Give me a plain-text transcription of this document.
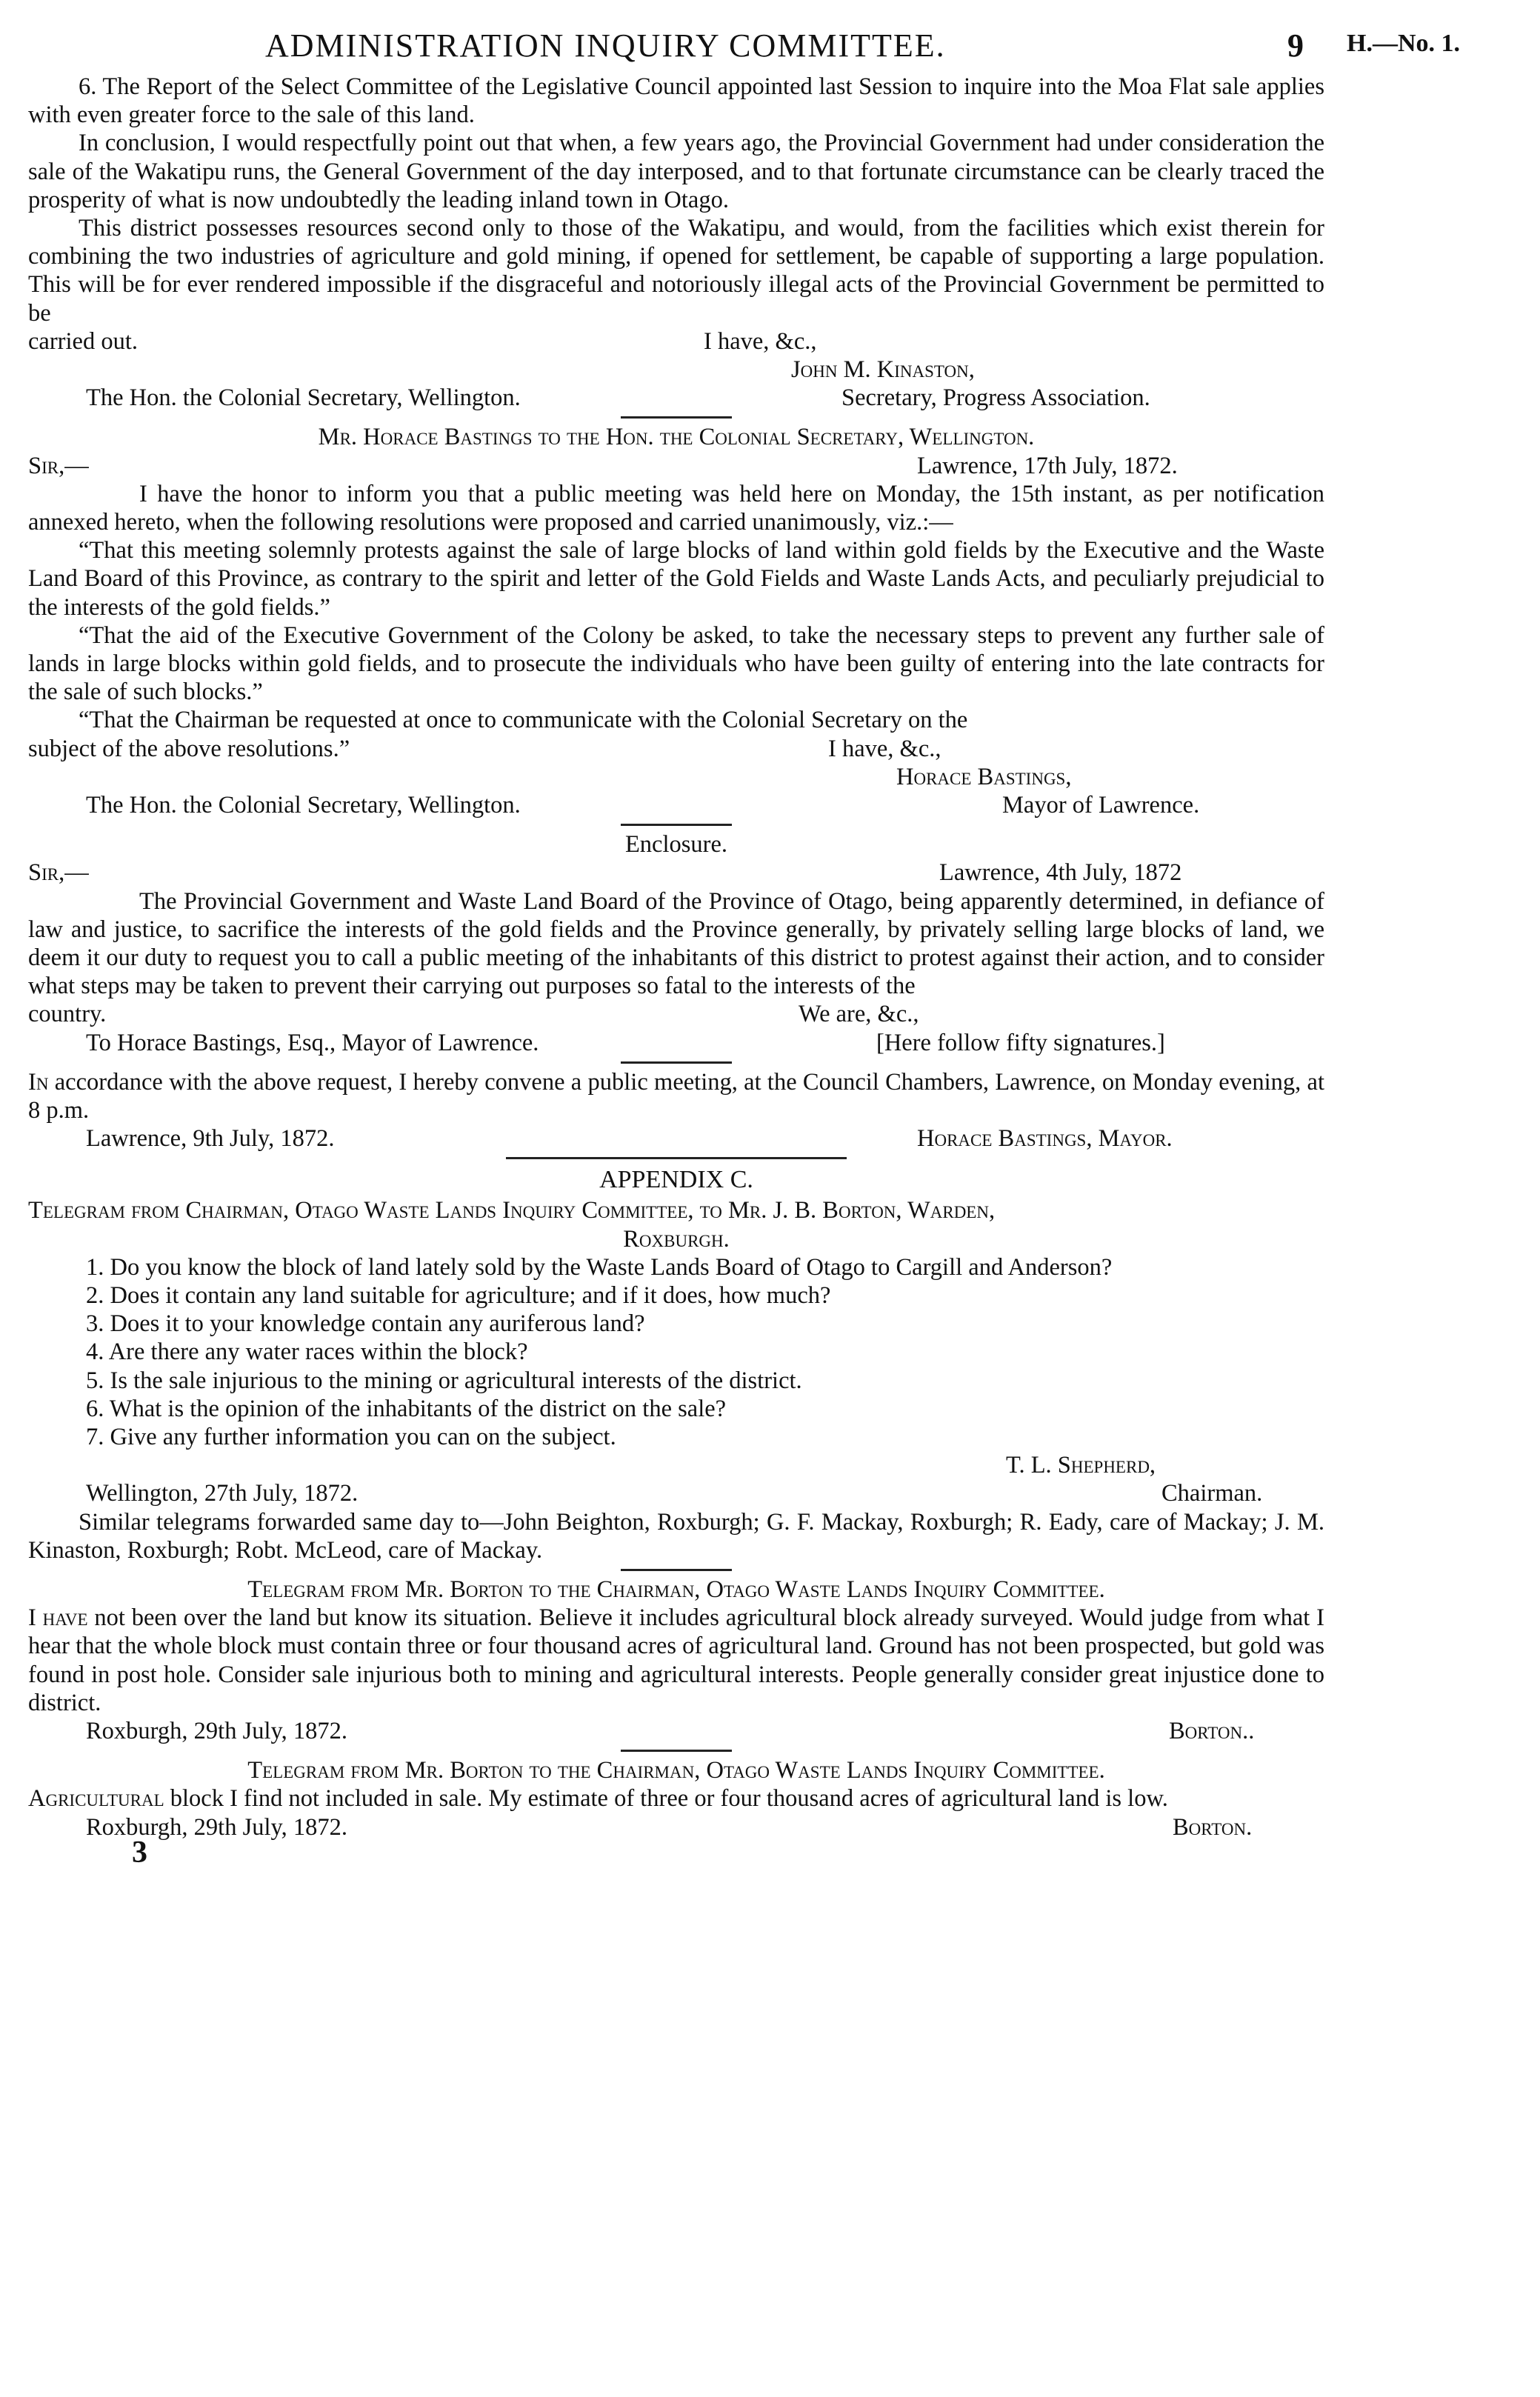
ADMINISTRATION INQUIRY COMMITTEE.	9 H.—No. 1.

6. The Report of the Select Committee of the Legislative Council appointed last Session to inquire into the Moa Flat sale applies with even greater force to the sale of this land.

In conclusion, I would respectfully point out that when, a few years ago, the Provincial Government had under consideration the sale of the Wakatipu runs, the General Government of the day interposed, and to that fortunate circumstance can be clearly traced the prosperity of what is now undoubtedly the leading inland town in Otago.

This district possesses resources second only to those of the Wakatipu, and would, from the facilities which exist therein for combining the two industries of agriculture and gold mining, if opened for settlement, be capable of supporting a large population. This will be for ever rendered impossible if the disgraceful and notoriously illegal acts of the Provincial Government be permitted to be

carried out.	I have, &c.,
John M. Kinaston,
The Hon. the Colonial Secretary, Wellington.	Secretary, Progress Association.
Mr. Horace Bastings to the Hon. the Colonial Secretary, Wellington.
Sir,—	Lawrence, 17th July, 1872.

I have the honor to inform you that a public meeting was held here on Monday, the 15th instant, as per notification annexed hereto, when the following resolutions were proposed and carried unanimously, viz.:—

“That this meeting solemnly protests against the sale of large blocks of land within gold fields by the Executive and the Waste Land Board of this Province, as contrary to the spirit and letter of the Gold Fields and Waste Lands Acts, and peculiarly prejudicial to the interests of the gold fields.”

“That the aid of the Executive Government of the Colony be asked, to take the necessary steps to prevent any further sale of lands in large blocks within gold fields, and to prosecute the individuals who have been guilty of entering into the late contracts for the sale of such blocks.”

“That the Chairman be requested at once to communicate with the Colonial Secretary on the

subject of the above resolutions.”	I have, &c.,
Horace Bastings,
The Hon. the Colonial Secretary, Wellington.	Mayor of Lawrence.
Enclosure.
Sir,—	Lawrence, 4th July, 1872

The Provincial Government and Waste Land Board of the Province of Otago, being apparently determined, in defiance of law and justice, to sacrifice the interests of the gold fields and the Province generally, by privately selling large blocks of land, we deem it our duty to request you to call a public meeting of the inhabitants of this district to protest against their action, and to consider what steps may be taken to prevent their carrying out purposes so fatal to the interests of the

country.	We are, &c.,
To Horace Bastings, Esq., Mayor of Lawrence.	[Here follow fifty signatures.]

In accordance with the above request, I hereby convene a public meeting, at the Council Chambers, Lawrence, on Monday evening, at 8 p.m.

Lawrence, 9th July, 1872.	Horace Bastings, Mayor.
APPENDIX C.

Telegram from Chairman, Otago Waste Lands Inquiry Committee, to Mr. J. B. Borton, Warden,

Roxburgh.

1. Do you know the block of land lately sold by the Waste Lands Board of Otago to Cargill and Anderson?

2. Does it contain any land suitable for agriculture; and if it does, how much?

3. Does it to your knowledge contain any auriferous land?

4. Are there any water races within the block?

5. Is the sale injurious to the mining or agricultural interests of the district.

6. What is the opinion of the inhabitants of the district on the sale?

7. Give any further information you can on the subject.

T. L. Shepherd,
Wellington, 27th July, 1872.	Chairman.

Similar telegrams forwarded same day to—John Beighton, Roxburgh; G. F. Mackay, Roxburgh; R. Eady, care of Mackay; J. M. Kinaston, Roxburgh; Robt. McLeod, care of Mackay.

Telegram from Mr. Borton to the Chairman, Otago Waste Lands Inquiry Committee.

I have not been over the land but know its situation. Believe it includes agricultural block already surveyed. Would judge from what I hear that the whole block must contain three or four thousand acres of agricultural land. Ground has not been prospected, but gold was found in post hole. Consider sale injurious both to mining and agricultural interests. People generally consider great injustice done to district.

Roxburgh, 29th July, 1872.	Borton..
Telegram from Mr. Borton to the Chairman, Otago Waste Lands Inquiry Committee.

Agricultural block I find not included in sale. My estimate of three or four thousand acres of agricultural land is low.

Roxburgh, 29th July, 1872.	Borton.
3
